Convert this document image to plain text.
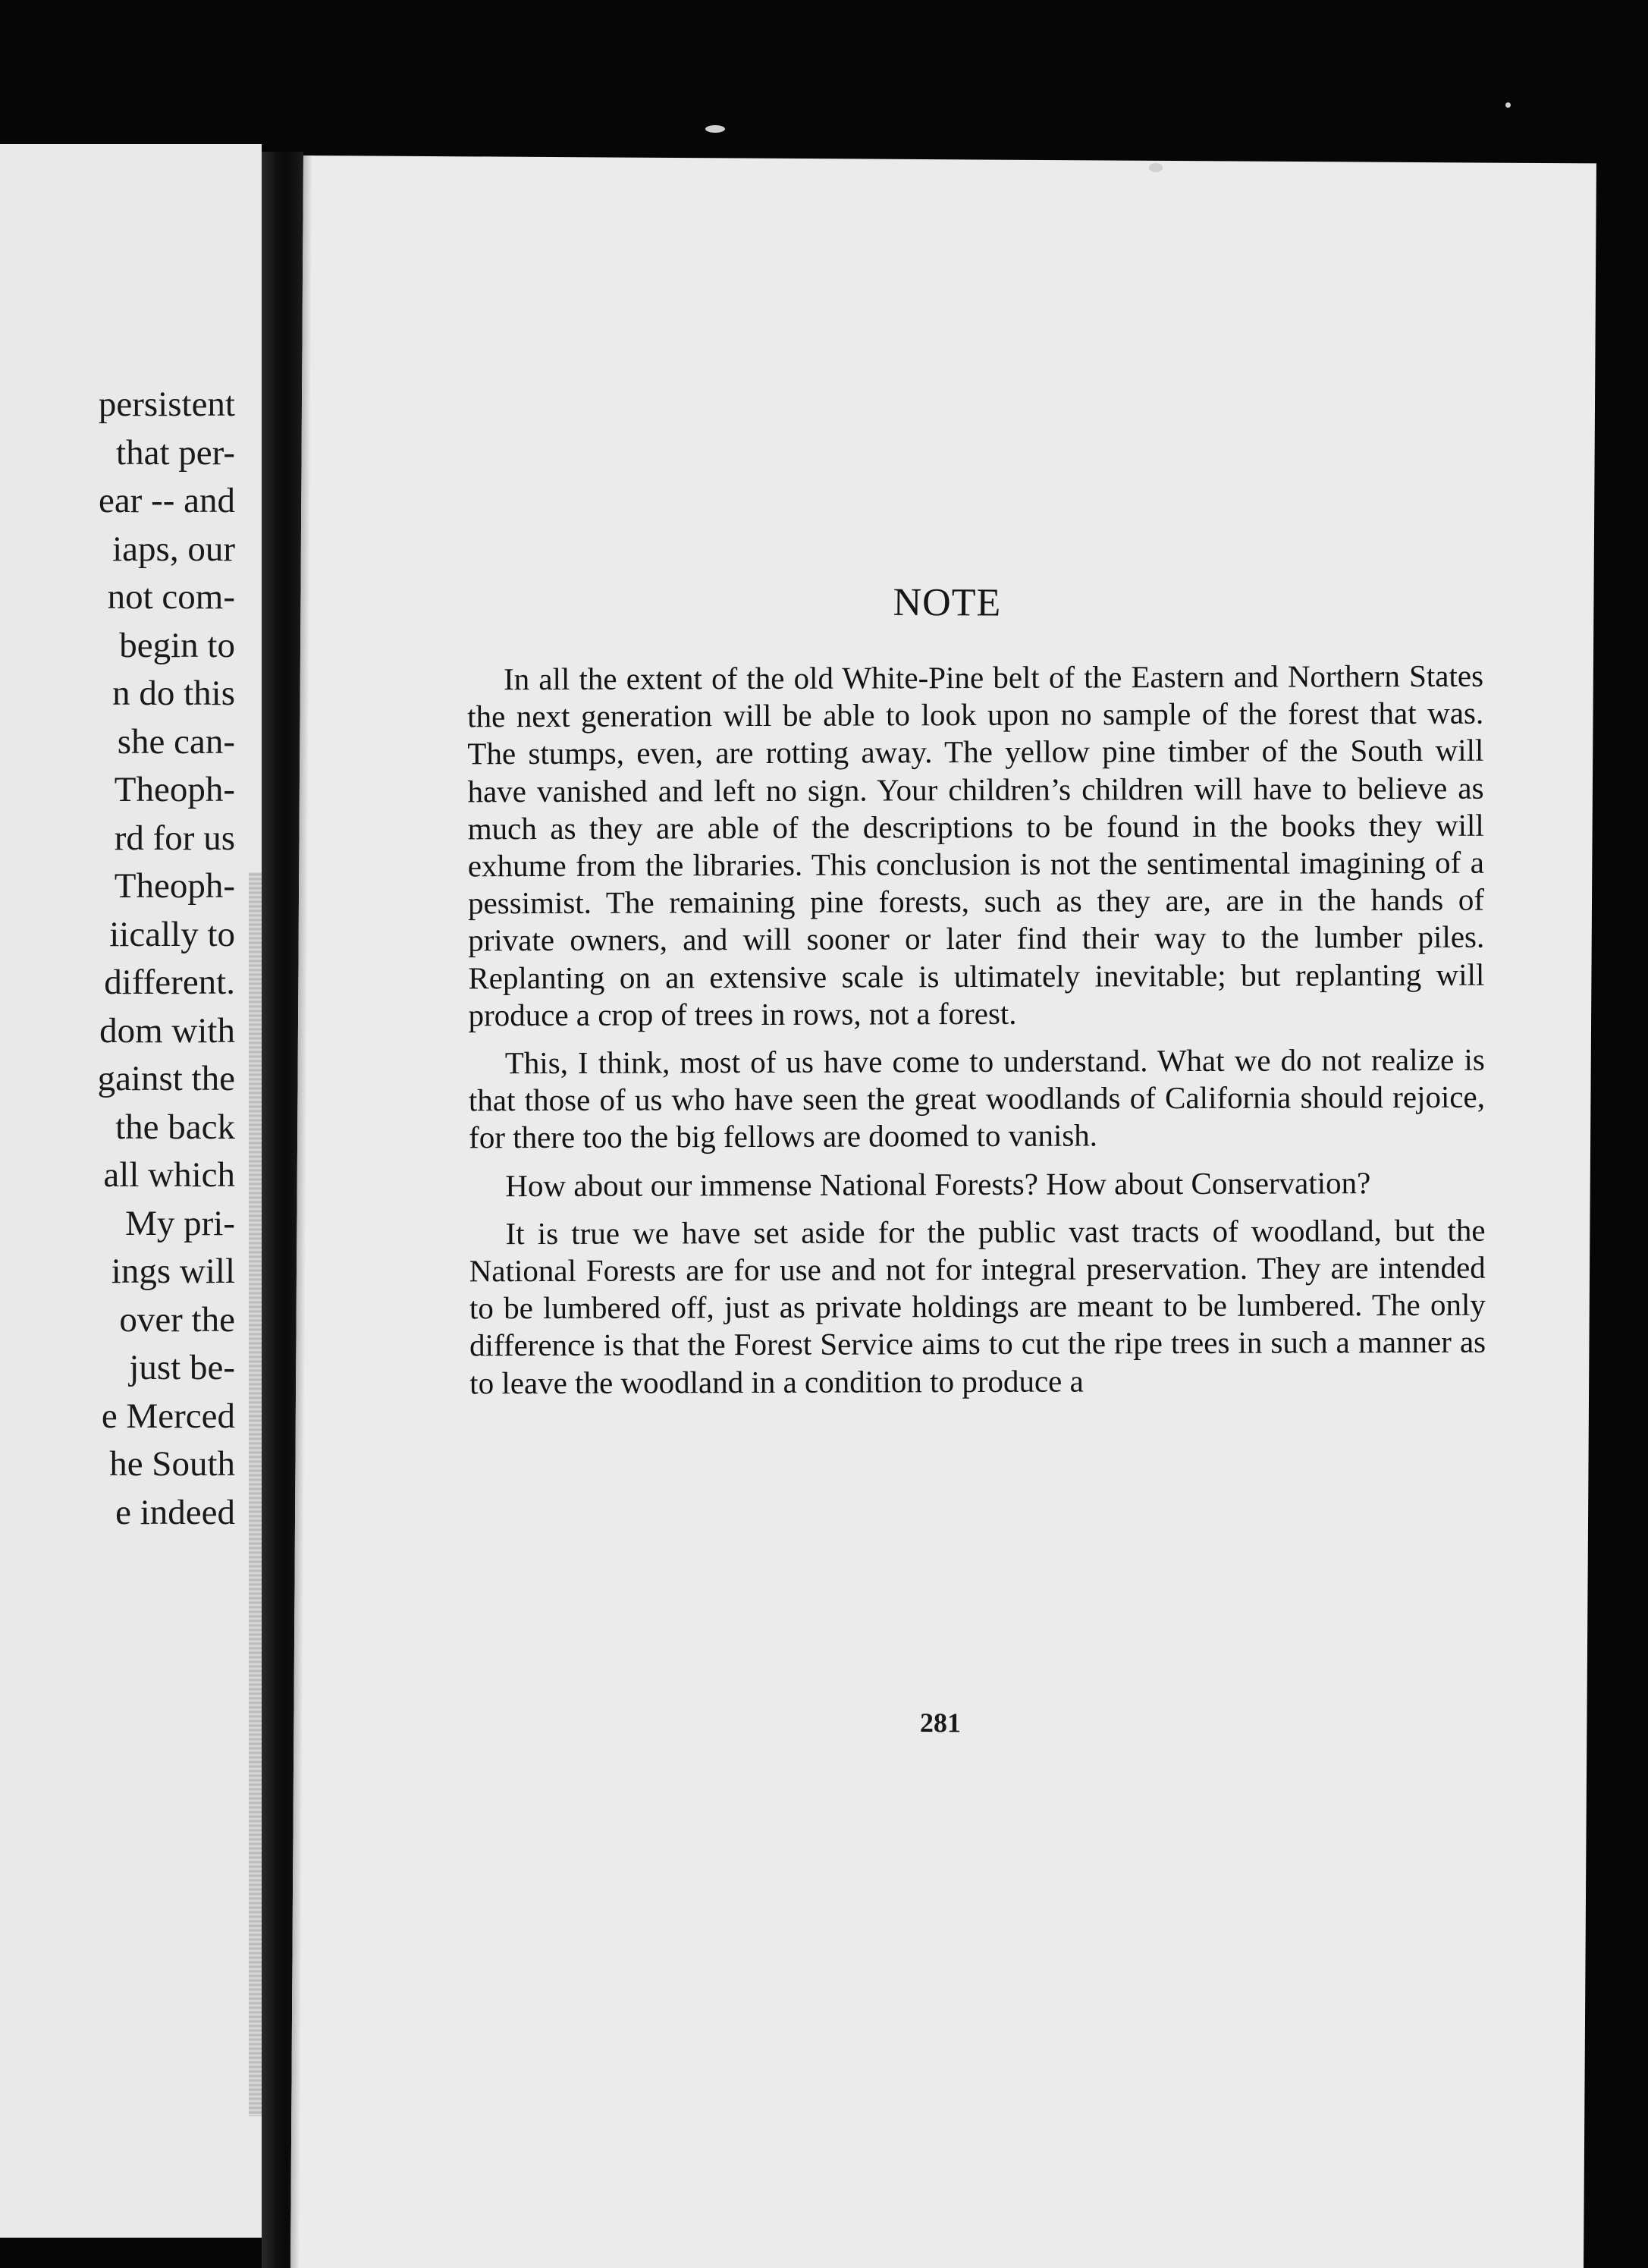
persistent
that per-
ear -- and
iaps, our
not com-
begin to
n do this
she can-
Theoph-
rd for us
Theoph-
iically to
different.
dom with
gainst the
the back
all which
My pri-
ings will
over the
just be-
e Merced
he South
e indeed
NOTE

In all the extent of the old White-Pine belt of the Eastern and Northern States the next generation will be able to look upon no sample of the forest that was. The stumps, even, are rotting away. The yellow pine timber of the South will have vanished and left no sign. Your children’s children will have to believe as much as they are able of the descriptions to be found in the books they will exhume from the libraries. This conclusion is not the sentimental imagining of a pessimist. The remaining pine forests, such as they are, are in the hands of private owners, and will sooner or later find their way to the lumber piles. Replanting on an extensive scale is ultimately inevitable; but replanting will produce a crop of trees in rows, not a forest.

This, I think, most of us have come to understand. What we do not realize is that those of us who have seen the great woodlands of California should rejoice, for there too the big fellows are doomed to vanish.

How about our immense National Forests? How about Conservation?

It is true we have set aside for the public vast tracts of woodland, but the National Forests are for use and not for integral preservation. They are intended to be lumbered off, just as private holdings are meant to be lumbered. The only difference is that the Forest Service aims to cut the ripe trees in such a manner as to leave the woodland in a condition to produce a

281
